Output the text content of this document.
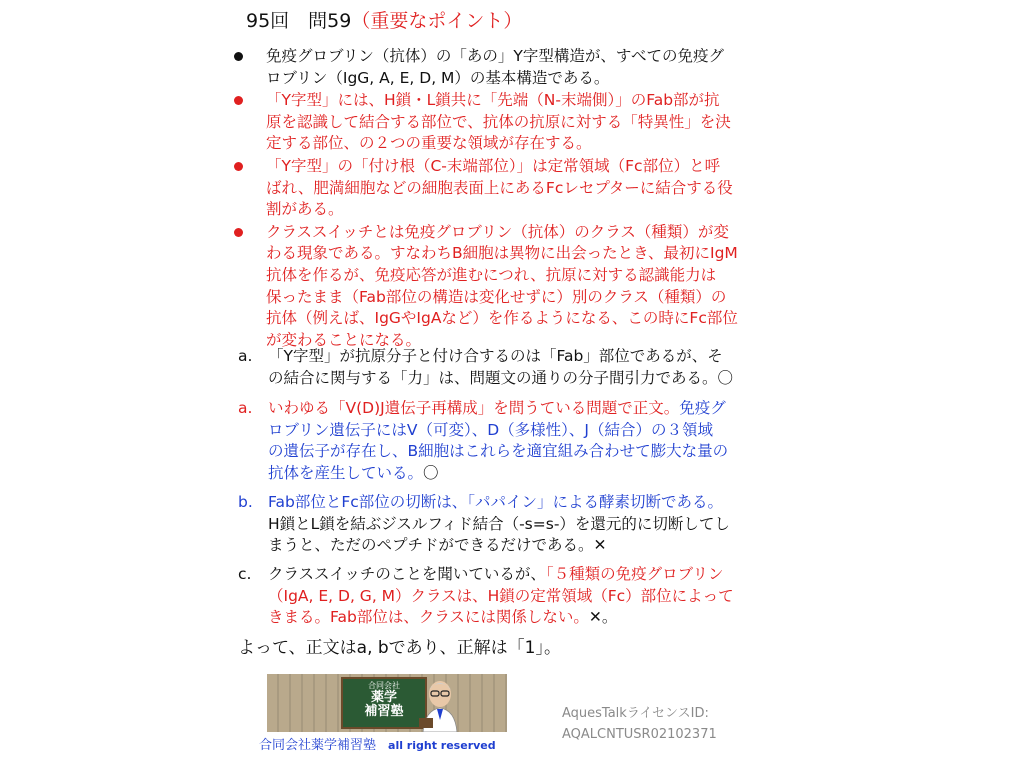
95回　問59（重要なポイント）
免疫グロブリン（抗体）の「あの」Y字型構造が、すべての免疫グ
ロブリン（IgG, A, E, D, M）の基本構造である。
「Y字型」には、H鎖・L鎖共に「先端（N-末端側）」のFab部が抗
原を認識して結合する部位で、抗体の抗原に対する「特異性」を決
定する部位、の２つの重要な領域が存在する。
「Y字型」の「付け根（C-末端部位）」は定常領域（Fc部位）と呼
ばれ、肥満細胞などの細胞表面上にあるFcレセプターに結合する役
割がある。
クラススイッチとは免疫グロブリン（抗体）のクラス（種類）が変
わる現象である。すなわちB細胞は異物に出会ったとき、最初にIgM
抗体を作るが、免疫応答が進むにつれ、抗原に対する認識能力は
保ったまま（Fab部位の構造は変化せずに）別のクラス（種類）の
抗体（例えば、IgGやIgAなど）を作るようになる、この時にFc部位
が変わることになる。
a. 「Y字型」が抗原分子と付け合するのは「Fab」部位であるが、そ
の結合に関与する「力」は、問題文の通りの分子間引力である。〇
a. いわゆる「V(D)J遺伝子再構成」を問うている問題で正文。免疫グ
ロブリン遺伝子にはV（可変）、D（多様性）、J（結合）の３領域
の遺伝子が存在し、B細胞はこれらを適宜組み合わせて膨大な量の
抗体を産生している。〇
b. Fab部位とFc部位の切断は、「パパイン」による酵素切断である。
H鎖とL鎖を結ぶジスルフィド結合（-s=s-）を還元的に切断してし
まうと、ただのペプチドができるだけである。✕
c. クラススイッチのことを聞いているが、「５種類の免疫グロブリン
（IgA, E, D, G, M）クラスは、H鎖の定常領域（Fc）部位によって
きまる。Fab部位は、クラスには関係しない。✕。
よって、正文はa, bであり、正解は「1」。
合同会社
薬学
補習塾
合同会社薬学補習塾 all right reserved
AquesTalkライセンスID:
AQALCNTUSR02102371
